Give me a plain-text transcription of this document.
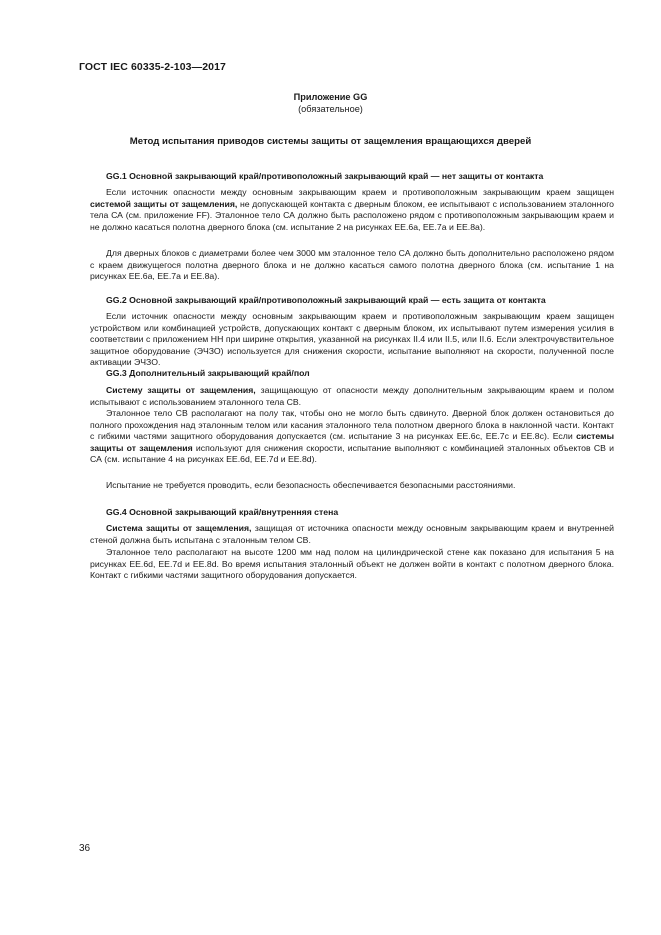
ГОСТ IEC 60335-2-103—2017
Приложение GG
(обязательное)
Метод испытания приводов системы защиты от защемления вращающихся дверей
GG.1 Основной закрывающий край/противоположный закрывающий край — нет защиты от контакта

Если источник опасности между основным закрывающим краем и противоположным закрывающим краем защищен системой защиты от защемления, не допускающей контакта с дверным блоком, ее испытывают с использованием эталонного тела СА (см. приложение FF). Эталонное тело СА должно быть расположено рядом с противоположным закрывающим краем и не должно касаться полотна дверного блока (см. испытание 2 на рисунках ЕЕ.6а, ЕЕ.7а и ЕЕ.8а).

Для дверных блоков с диаметрами более чем 3000 мм эталонное тело СА должно быть дополнительно расположено рядом с краем движущегося полотна дверного блока и не должно касаться самого полотна дверного блока (см. испытание 1 на рисунках ЕЕ.6а, ЕЕ.7а и ЕЕ.8а).

GG.2 Основной закрывающий край/противоположный закрывающий край — есть защита от контакта

Если источник опасности между основным закрывающим краем и противоположным закрывающим краем защищен устройством или комбинацией устройств, допускающих контакт с дверным блоком, их испытывают путем измерения усилия в соответствии с приложением НН при ширине открытия, указанной на рисунках II.4 или II.5, или II.6. Если электрочувствительное защитное оборудование (ЭЧЗО) используется для снижения скорости, испытание выполняют на скорости, полученной после активации ЭЧЗО.

GG.3 Дополнительный закрывающий край/пол

Систему защиты от защемления, защищающую от опасности между дополнительным закрывающим краем и полом испытывают с использованием эталонного тела СВ.

Эталонное тело СВ располагают на полу так, чтобы оно не могло быть сдвинуто. Дверной блок должен остановиться до полного прохождения над эталонным телом или касания эталонного тела полотном дверного блока в наклонной части. Контакт с гибкими частями защитного оборудования допускается (см. испытание 3 на рисунках ЕЕ.6с, ЕЕ.7с и ЕЕ.8с). Если системы защиты от защемления используют для снижения скорости, испытание выполняют с комбинацией эталонных объектов СВ и СА (см. испытание 4 на рисунках ЕЕ.6d, ЕЕ.7d и ЕЕ.8d).

Испытание не требуется проводить, если безопасность обеспечивается безопасными расстояниями.

GG.4 Основной закрывающий край/внутренняя стена

Система защиты от защемления, защищая от источника опасности между основным закрывающим краем и внутренней стеной должна быть испытана с эталонным телом СВ.

Эталонное тело располагают на высоте 1200 мм над полом на цилиндрической стене как показано для испытания 5 на рисунках ЕЕ.6d, ЕЕ.7d и ЕЕ.8d. Во время испытания эталонный объект не должен войти в контакт с полотном дверного блока. Контакт с гибкими частями защитного оборудования допускается.

36
